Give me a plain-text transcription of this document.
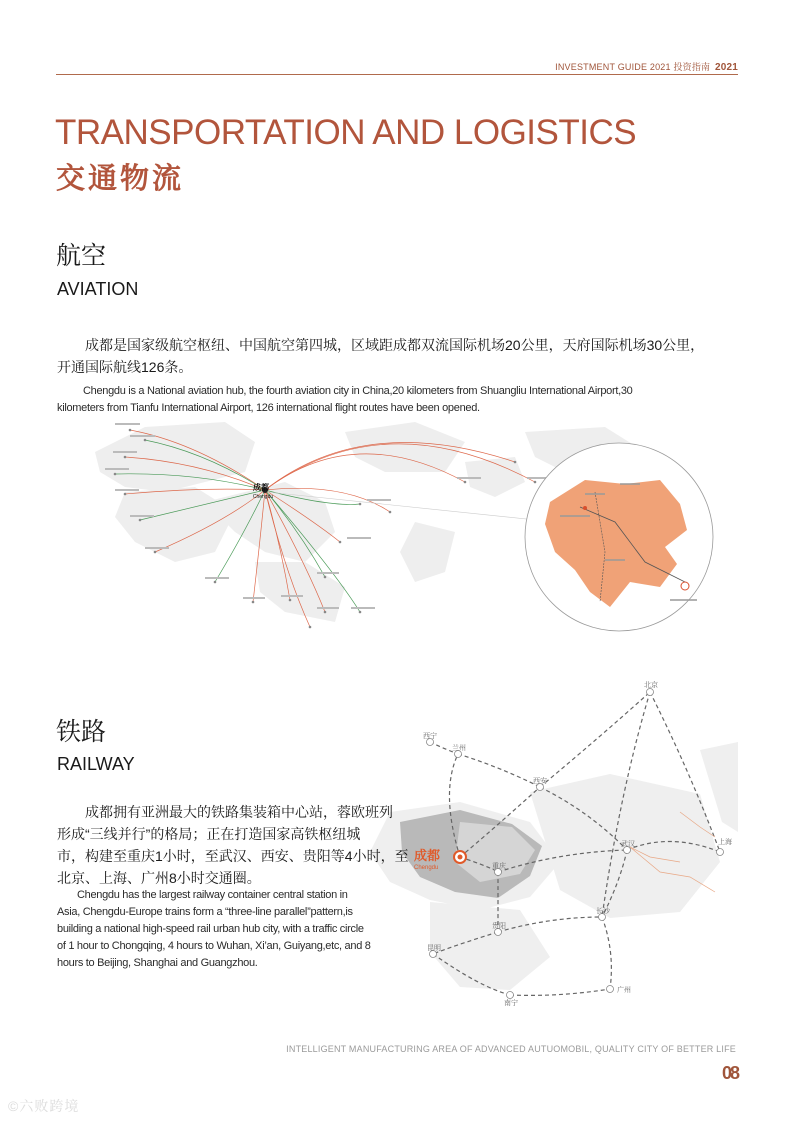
INVESTMENT GUIDE 2021 投资指南 2021
TRANSPORTATION AND LOGISTICS
交通物流
航空
AVIATION
成都是国家级航空枢纽、中国航空第四城，区域距成都双流国际机场20公里，天府国际机场30公里，
开通国际航线126条。
Chengdu is a National aviation hub, the fourth aviation city in China,20 kilometers from Shuangliu International Airport,30
kilometers from Tianfu International Airport, 126 international flight routes have been opened.
成都
Chengdu
铁路
RAILWAY
北京
西宁
兰州
西安
武汉	上海
重庆
长沙
贵阳
昆明
南宁
广州
成都
Chengdu
成都拥有亚洲最大的铁路集装箱中心站，蓉欧班列
形成“三线并行”的格局；正在打造国家高铁枢纽城
市，构建至重庆1小时，至武汉、西安、贵阳等4小时，至
北京、上海、广州8小时交通圈。
Chengdu has the largest railway container central station in
Asia, Chengdu-Europe trains form a “three-line parallel”pattern,is
building a national high-speed rail urban hub city, with a traffic circle
of 1 hour to Chongqing, 4 hours to Wuhan, Xi’an, Guiyang,etc, and 8
hours to Beijing, Shanghai and Guangzhou.
INTELLIGENT MANUFACTURING AREA OF ADVANCED AUTUOMOBIL, QUALITY CITY OF BETTER LIFE
08
©六败跨境
